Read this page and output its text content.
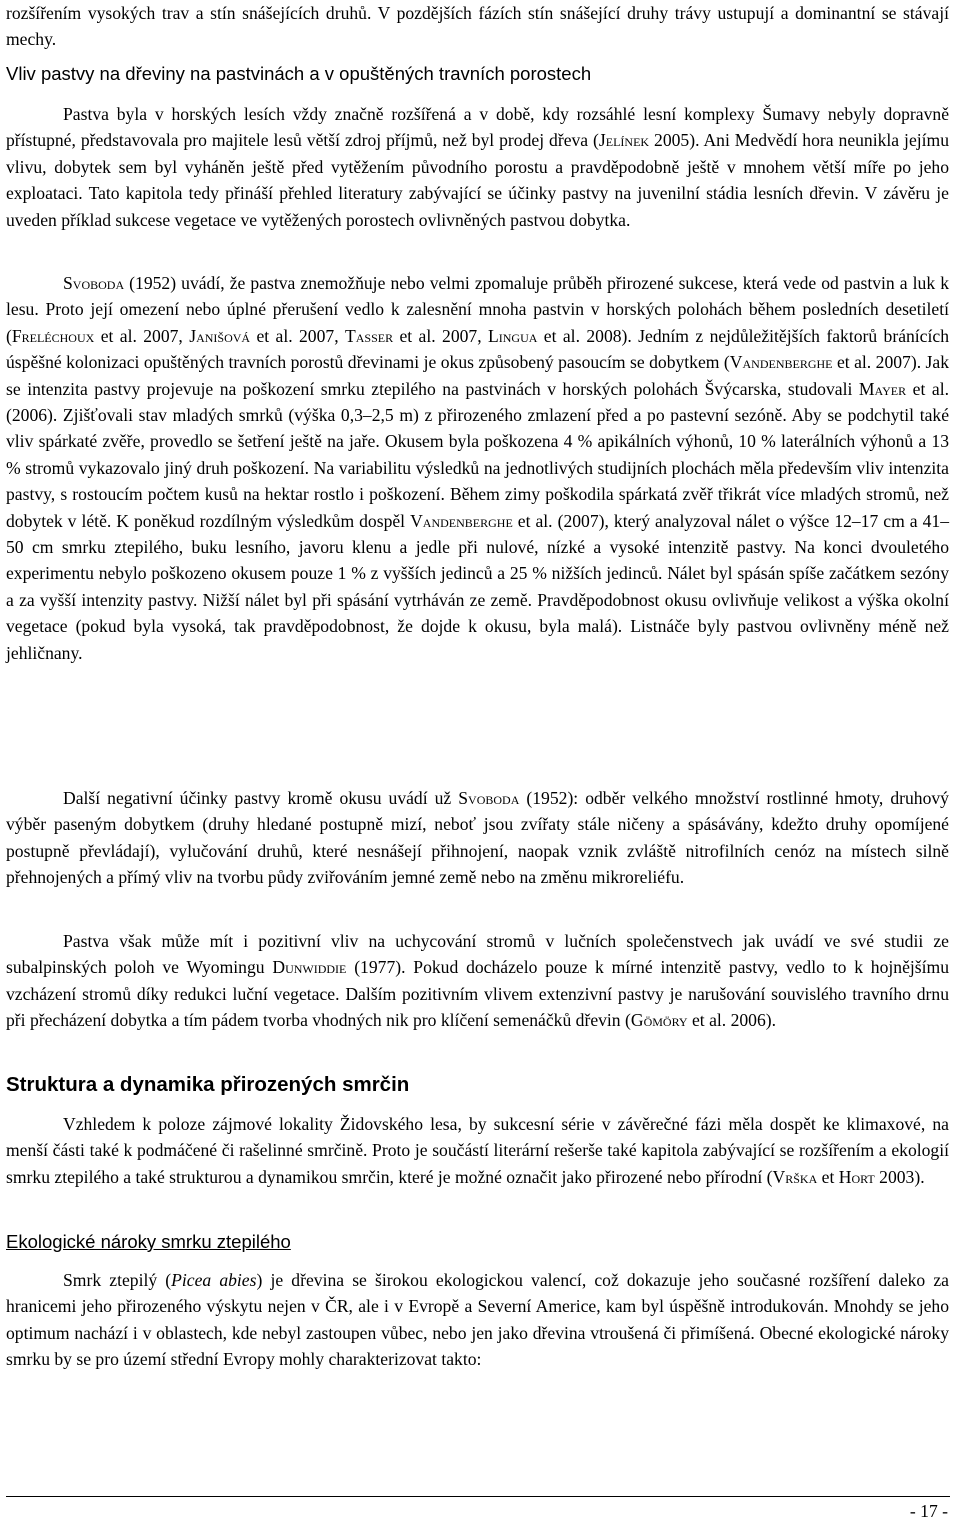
rozšířením vysokých trav a stín snášejících druhů. V pozdějších fázích stín snášející druhy trávy ustupují a dominantní se stávají mechy.

Vliv pastvy na dřeviny na pastvinách a v opuštěných travních porostech

Pastva byla v horských lesích vždy značně rozšířená a v době, kdy rozsáhlé lesní komplexy Šumavy nebyly dopravně přístupné, představovala pro majitele lesů větší zdroj příjmů, než byl prodej dřeva (Jelínek 2005). Ani Medvědí hora neunikla jejímu vlivu, dobytek sem byl vyháněn ještě před vytěžením původního porostu a pravděpodobně ještě v mnohem větší míře po jeho exploataci. Tato kapitola tedy přináší přehled literatury zabývající se účinky pastvy na juvenilní stádia lesních dřevin. V závěru je uveden příklad sukcese vegetace ve vytěžených porostech ovlivněných pastvou dobytka.

Svoboda (1952) uvádí, že pastva znemožňuje nebo velmi zpomaluje průběh přirozené sukcese, která vede od pastvin a luk k lesu. Proto její omezení nebo úplné přerušení vedlo k zalesnění mnoha pastvin v horských polohách během posledních desetiletí (Freléchoux et al. 2007, Janišová et al. 2007, Tasser et al. 2007, Lingua et al. 2008). Jedním z nejdůležitějších faktorů bránících úspěšné kolonizaci opuštěných travních porostů dřevinami je okus způsobený pasoucím se dobytkem (Vandenberghe et al. 2007). Jak se intenzita pastvy projevuje na poškození smrku ztepilého na pastvinách v horských polohách Švýcarska, studovali Mayer et al. (2006). Zjišťovali stav mladých smrků (výška 0,3–2,5 m) z přirozeného zmlazení před a po pastevní sezóně. Aby se podchytil také vliv spárkaté zvěře, provedlo se šetření ještě na jaře. Okusem byla poškozena 4 % apikálních výhonů, 10 % laterálních výhonů a 13 % stromů vykazovalo jiný druh poškození. Na variabilitu výsledků na jednotlivých studijních plochách měla především vliv intenzita pastvy, s rostoucím počtem kusů na hektar rostlo i poškození. Během zimy poškodila spárkatá zvěř třikrát více mladých stromů, než dobytek v létě. K poněkud rozdílným výsledkům dospěl Vandenberghe et al. (2007), který analyzoval nálet o výšce 12–17 cm a 41–50 cm smrku ztepilého, buku lesního, javoru klenu a jedle při nulové, nízké a vysoké intenzitě pastvy. Na konci dvouletého experimentu nebylo poškozeno okusem pouze 1 % z vyšších jedinců a 25 % nižších jedinců. Nálet byl spásán spíše začátkem sezóny a za vyšší intenzity pastvy. Nižší nálet byl při spásání vytrháván ze země. Pravděpodobnost okusu ovlivňuje velikost a výška okolní vegetace (pokud byla vysoká, tak pravděpodobnost, že dojde k okusu, byla malá). Listnáče byly pastvou ovlivněny méně než jehličnany.

Další negativní účinky pastvy kromě okusu uvádí už Svoboda (1952): odběr velkého množství rostlinné hmoty, druhový výběr paseným dobytkem (druhy hledané postupně mizí, neboť jsou zvířaty stále ničeny a spásávány, kdežto druhy opomíjené postupně převládají), vylučování druhů, které nesnášejí přihnojení, naopak vznik zvláště nitrofilních cenóz na místech silně přehnojených a přímý vliv na tvorbu půdy zviřováním jemné země nebo na změnu mikroreliéfu.

Pastva však může mít i pozitivní vliv na uchycování stromů v lučních společenstvech jak uvádí ve své studii ze subalpinských poloh ve Wyomingu Dunwiddie (1977). Pokud docházelo pouze k mírné intenzitě pastvy, vedlo to k hojnějšímu vzcházení stromů díky redukci luční vegetace. Dalším pozitivním vlivem extenzivní pastvy je narušování souvislého travního drnu při přecházení dobytka a tím pádem tvorba vhodných nik pro klíčení semenáčků dřevin (Gömöry et al. 2006).

Struktura a dynamika přirozených smrčin

Vzhledem k poloze zájmové lokality Židovského lesa, by sukcesní série v závěrečné fázi měla dospět ke klimaxové, na menší části také k podmáčené či rašelinné smrčině. Proto je součástí literární rešerše také kapitola zabývající se rozšířením a ekologií smrku ztepilého a také strukturou a dynamikou smrčin, které je možné označit jako přirozené nebo přírodní (Vrška et Hort 2003).

Ekologické nároky smrku ztepilého

Smrk ztepilý (Picea abies) je dřevina se širokou ekologickou valencí, což dokazuje jeho současné rozšíření daleko za hranicemi jeho přirozeného výskytu nejen v ČR, ale i v Evropě a Severní Americe, kam byl úspěšně introdukován. Mnohdy se jeho optimum nachází i v oblastech, kde nebyl zastoupen vůbec, nebo jen jako dřevina vtroušená či přimíšená. Obecné ekologické nároky smrku by se pro území střední Evropy mohly charakterizovat takto:

- 17 -
